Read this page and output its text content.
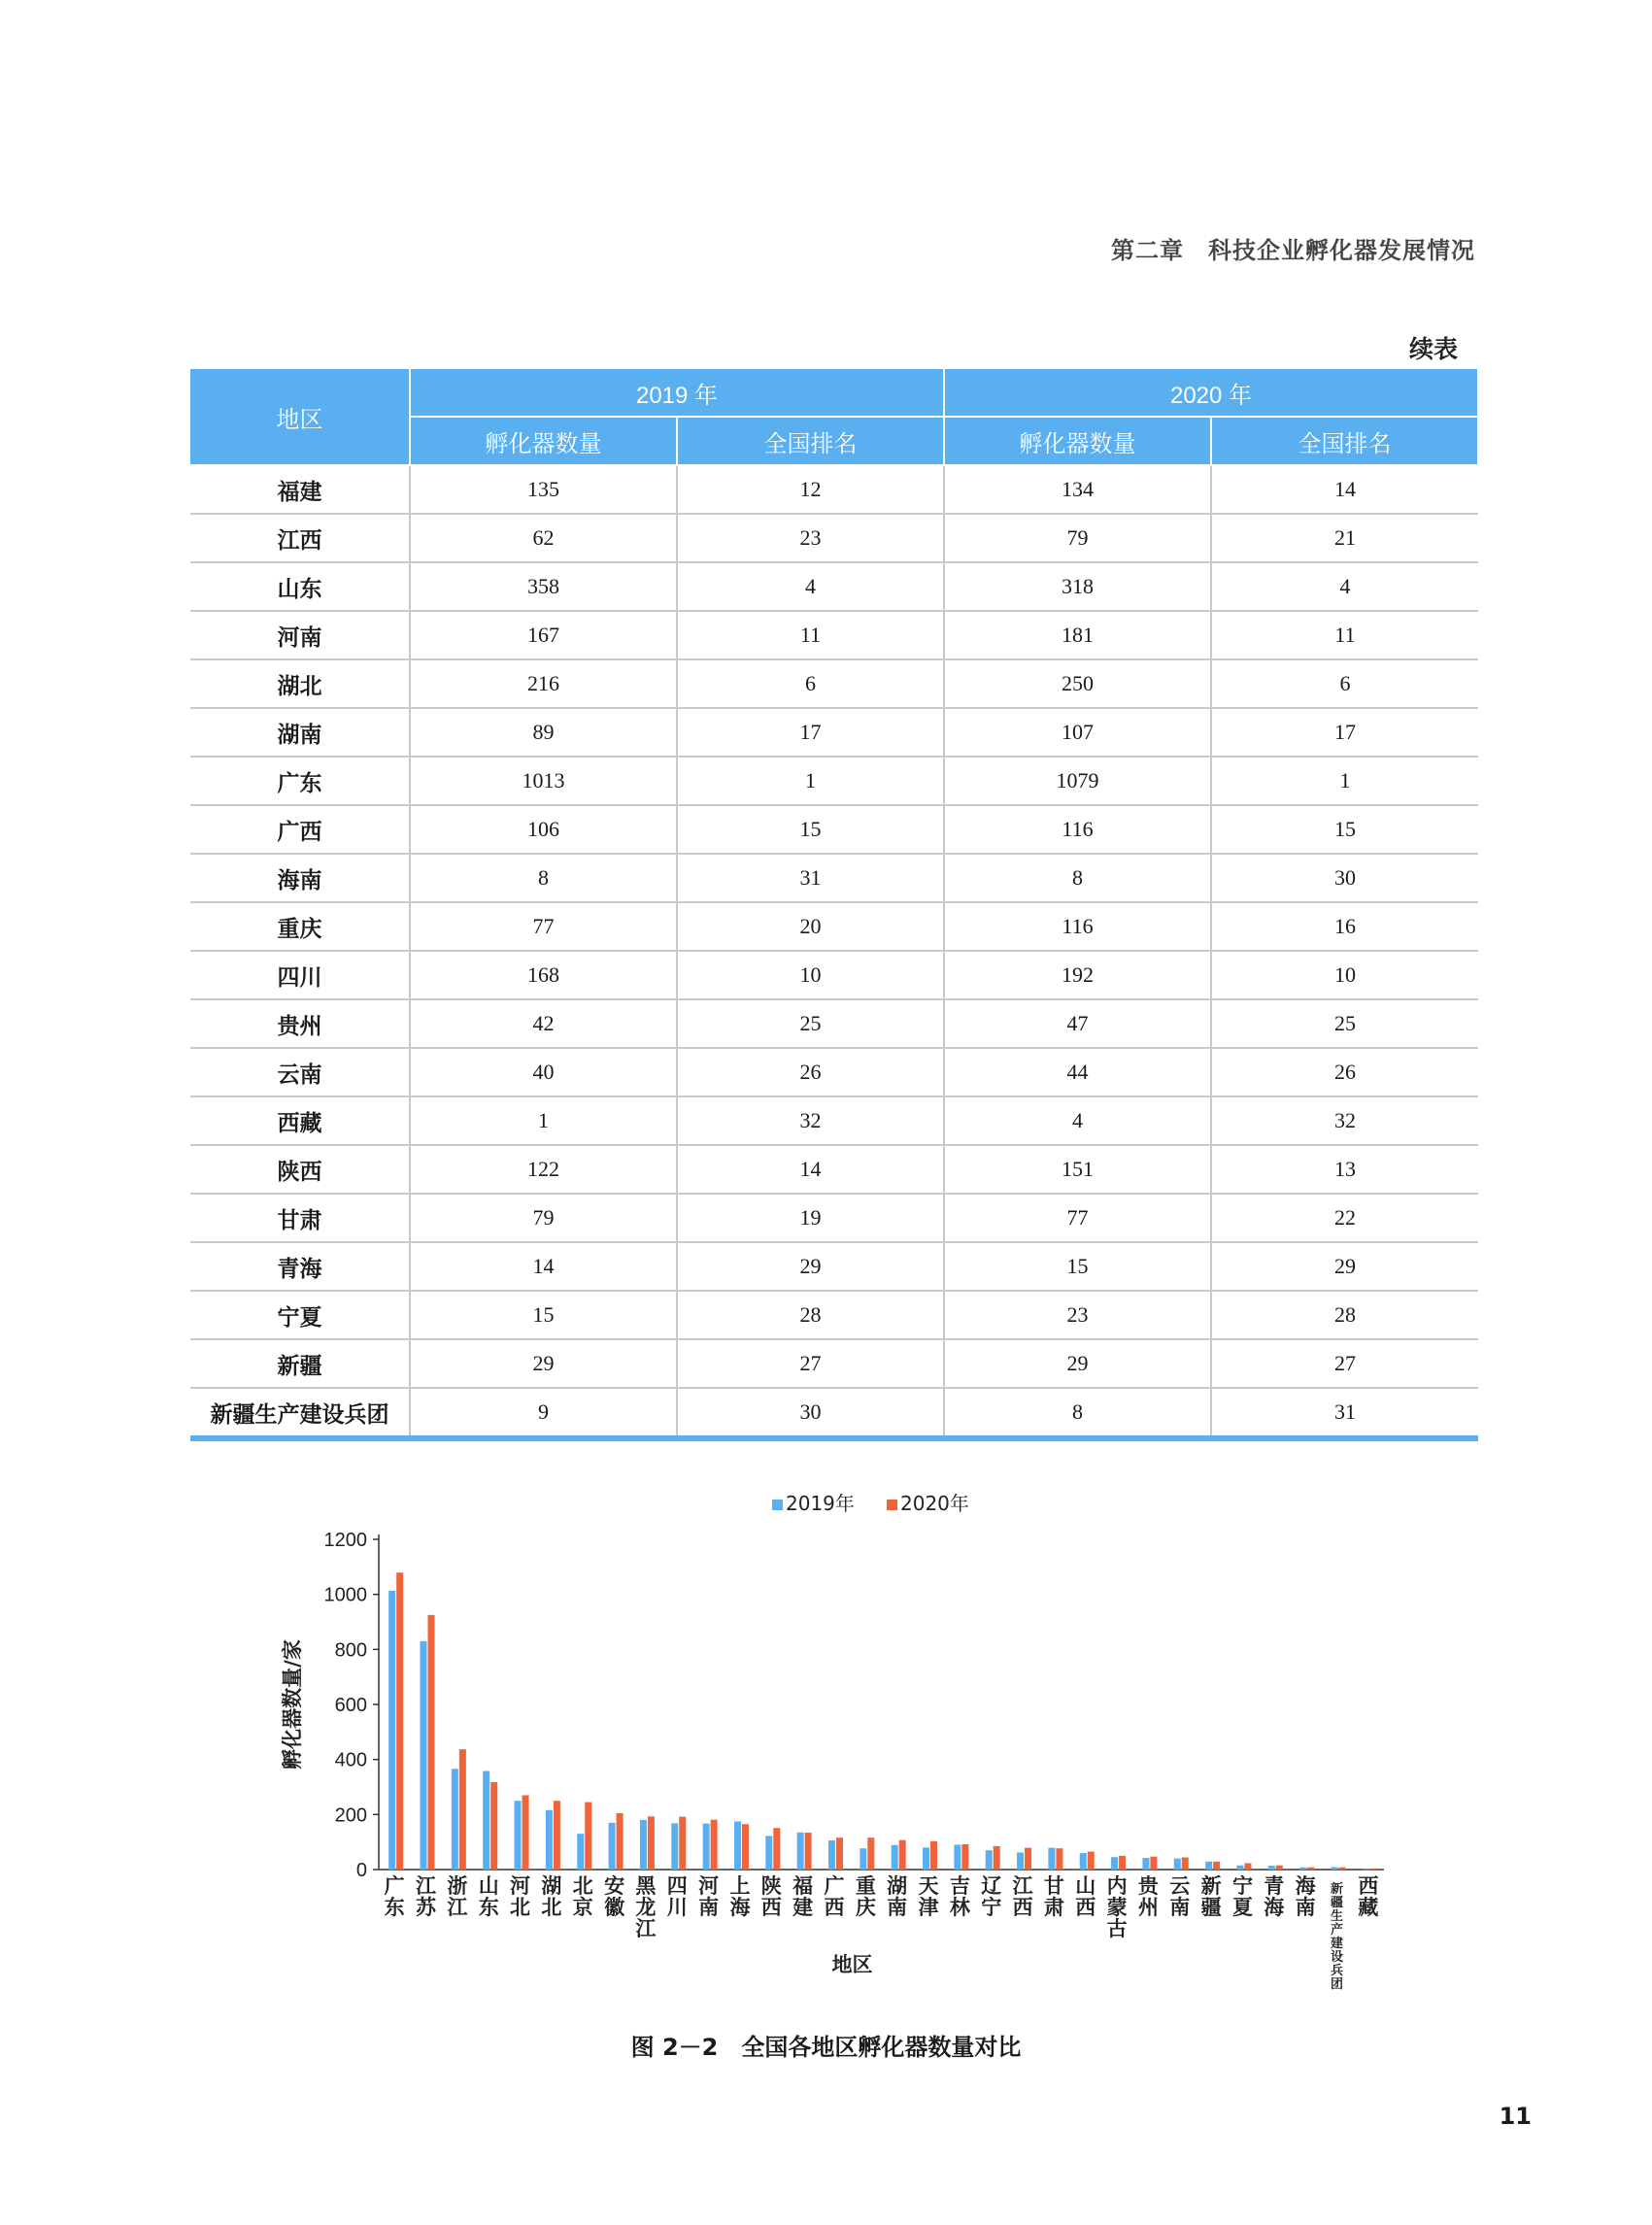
第二章　科技企业孵化器发展情况
续表
地区	2019 年		2020 年	
	孵化器数量	全国排名	孵化器数量	全国排名
福建	135	12	134	14
江西	62	23	79	21
山东	358	4	318	4
河南	167	11	181	11
湖北	216	6	250	6
湖南	89	17	107	17
广东	1013	1	1079	1
广西	106	15	116	15
海南	8	31	8	30
重庆	77	20	116	16
四川	168	10	192	10
贵州	42	25	47	25
云南	40	26	44	26
西藏	1	32	4	32
陕西	122	14	151	13
甘肃	79	19	77	22
青海	14	29	15	29
宁夏	15	28	23	28
新疆	29	27	29	27
新疆生产建设兵团	9	30	8	31
0
200
400
600
800
1000
1200
孵化器数量/家
广东
江苏
浙江
山东
河北
湖北
北京
安徽
黑龙江
四川
河南
上海
陕西
福建
广西
重庆
湖南
天津
吉林
辽宁
江西
甘肃
山西
内蒙古
贵州
云南
新疆
宁夏
青海
海南
新疆生产建设兵团
西藏
地区
2019年 2020年
图 2－2　全国各地区孵化器数量对比
11
